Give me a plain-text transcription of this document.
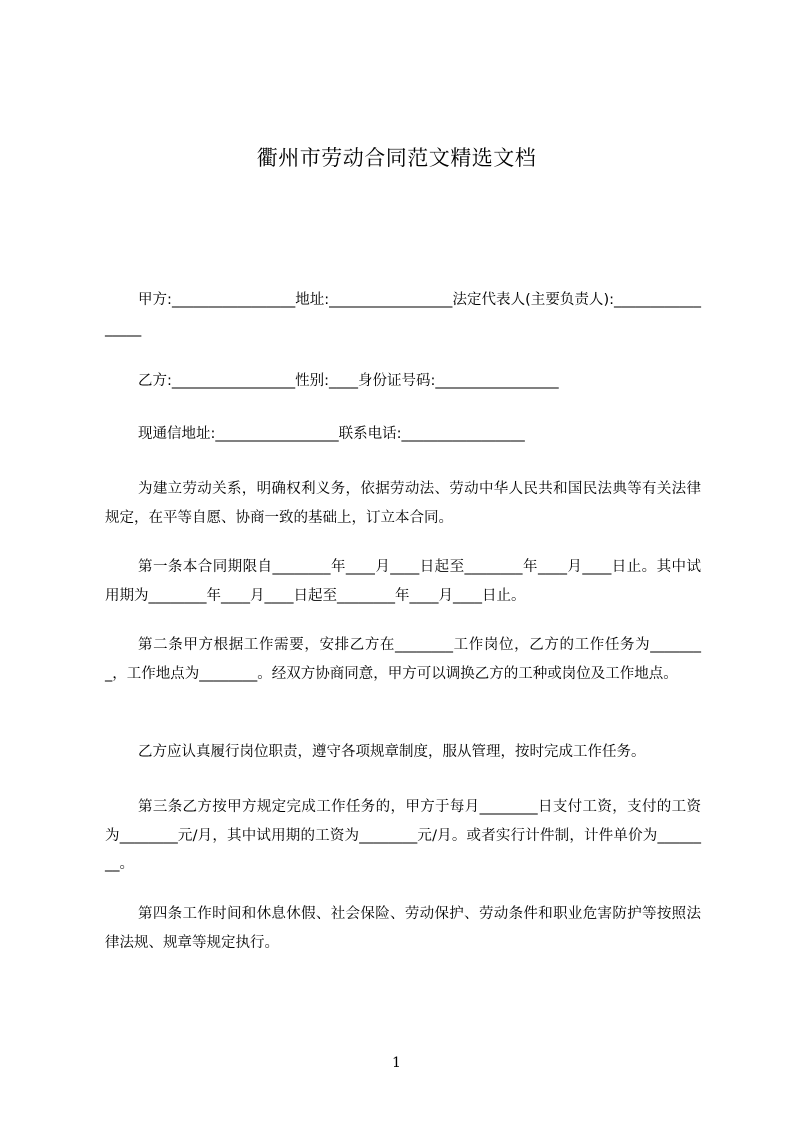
衢州市劳动合同范文精选文档

甲方:_________________地址:_________________法定代表人(主要负责人):_________________

乙方:_________________性别:____身份证号码:_________________

现通信地址:_________________联系电话:_________________

为建立劳动关系，明确权利义务，依据劳动法、劳动中华人民共和国民法典等有关法律规定，在平等自愿、协商一致的基础上，订立本合同。

第一条本合同期限自________年____月____日起至________年____月____日止。其中试用期为________年____月____日起至________年____月____日止。

第二条甲方根据工作需要，安排乙方在________工作岗位，乙方的工作任务为________，工作地点为________。经双方协商同意，甲方可以调换乙方的工种或岗位及工作地点。

乙方应认真履行岗位职责，遵守各项规章制度，服从管理，按时完成工作任务。

第三条乙方按甲方规定完成工作任务的，甲方于每月________日支付工资，支付的工资为________元/月，其中试用期的工资为________元/月。或者实行计件制，计件单价为________。

第四条工作时间和休息休假、社会保险、劳动保护、劳动条件和职业危害防护等按照法律法规、规章等规定执行。

1
